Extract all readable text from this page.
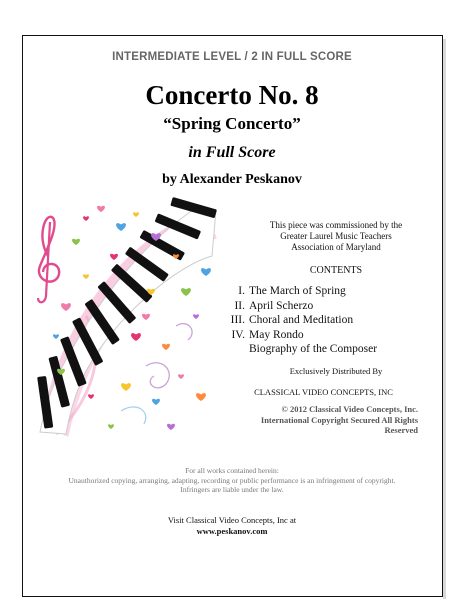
INTERMEDIATE LEVEL / 2 IN FULL SCORE

Concerto No. 8

“Spring Concerto”

in Full Score

by Alexander Peskanov

This piece was commissioned by the
Greater Laurel Music Teachers
Association of Maryland
CONTENTS
I. The March of Spring
II. April Scherzo
III. Choral and Meditation
IV. May Rondo
Biography of the Composer
Exclusively Distributed By
CLASSICAL VIDEO CONCEPTS, INC
© 2012 Classical Video Concepts, Inc.
International Copyright Secured All Rights
Reserved
For all works contained herein:
Unauthorized copying, arranging, adapting, recording or public performance is an infringement of copyright.
Infringers are liable under the law.
Visit Classical Video Concepts, Inc at
www.peskanov.com
